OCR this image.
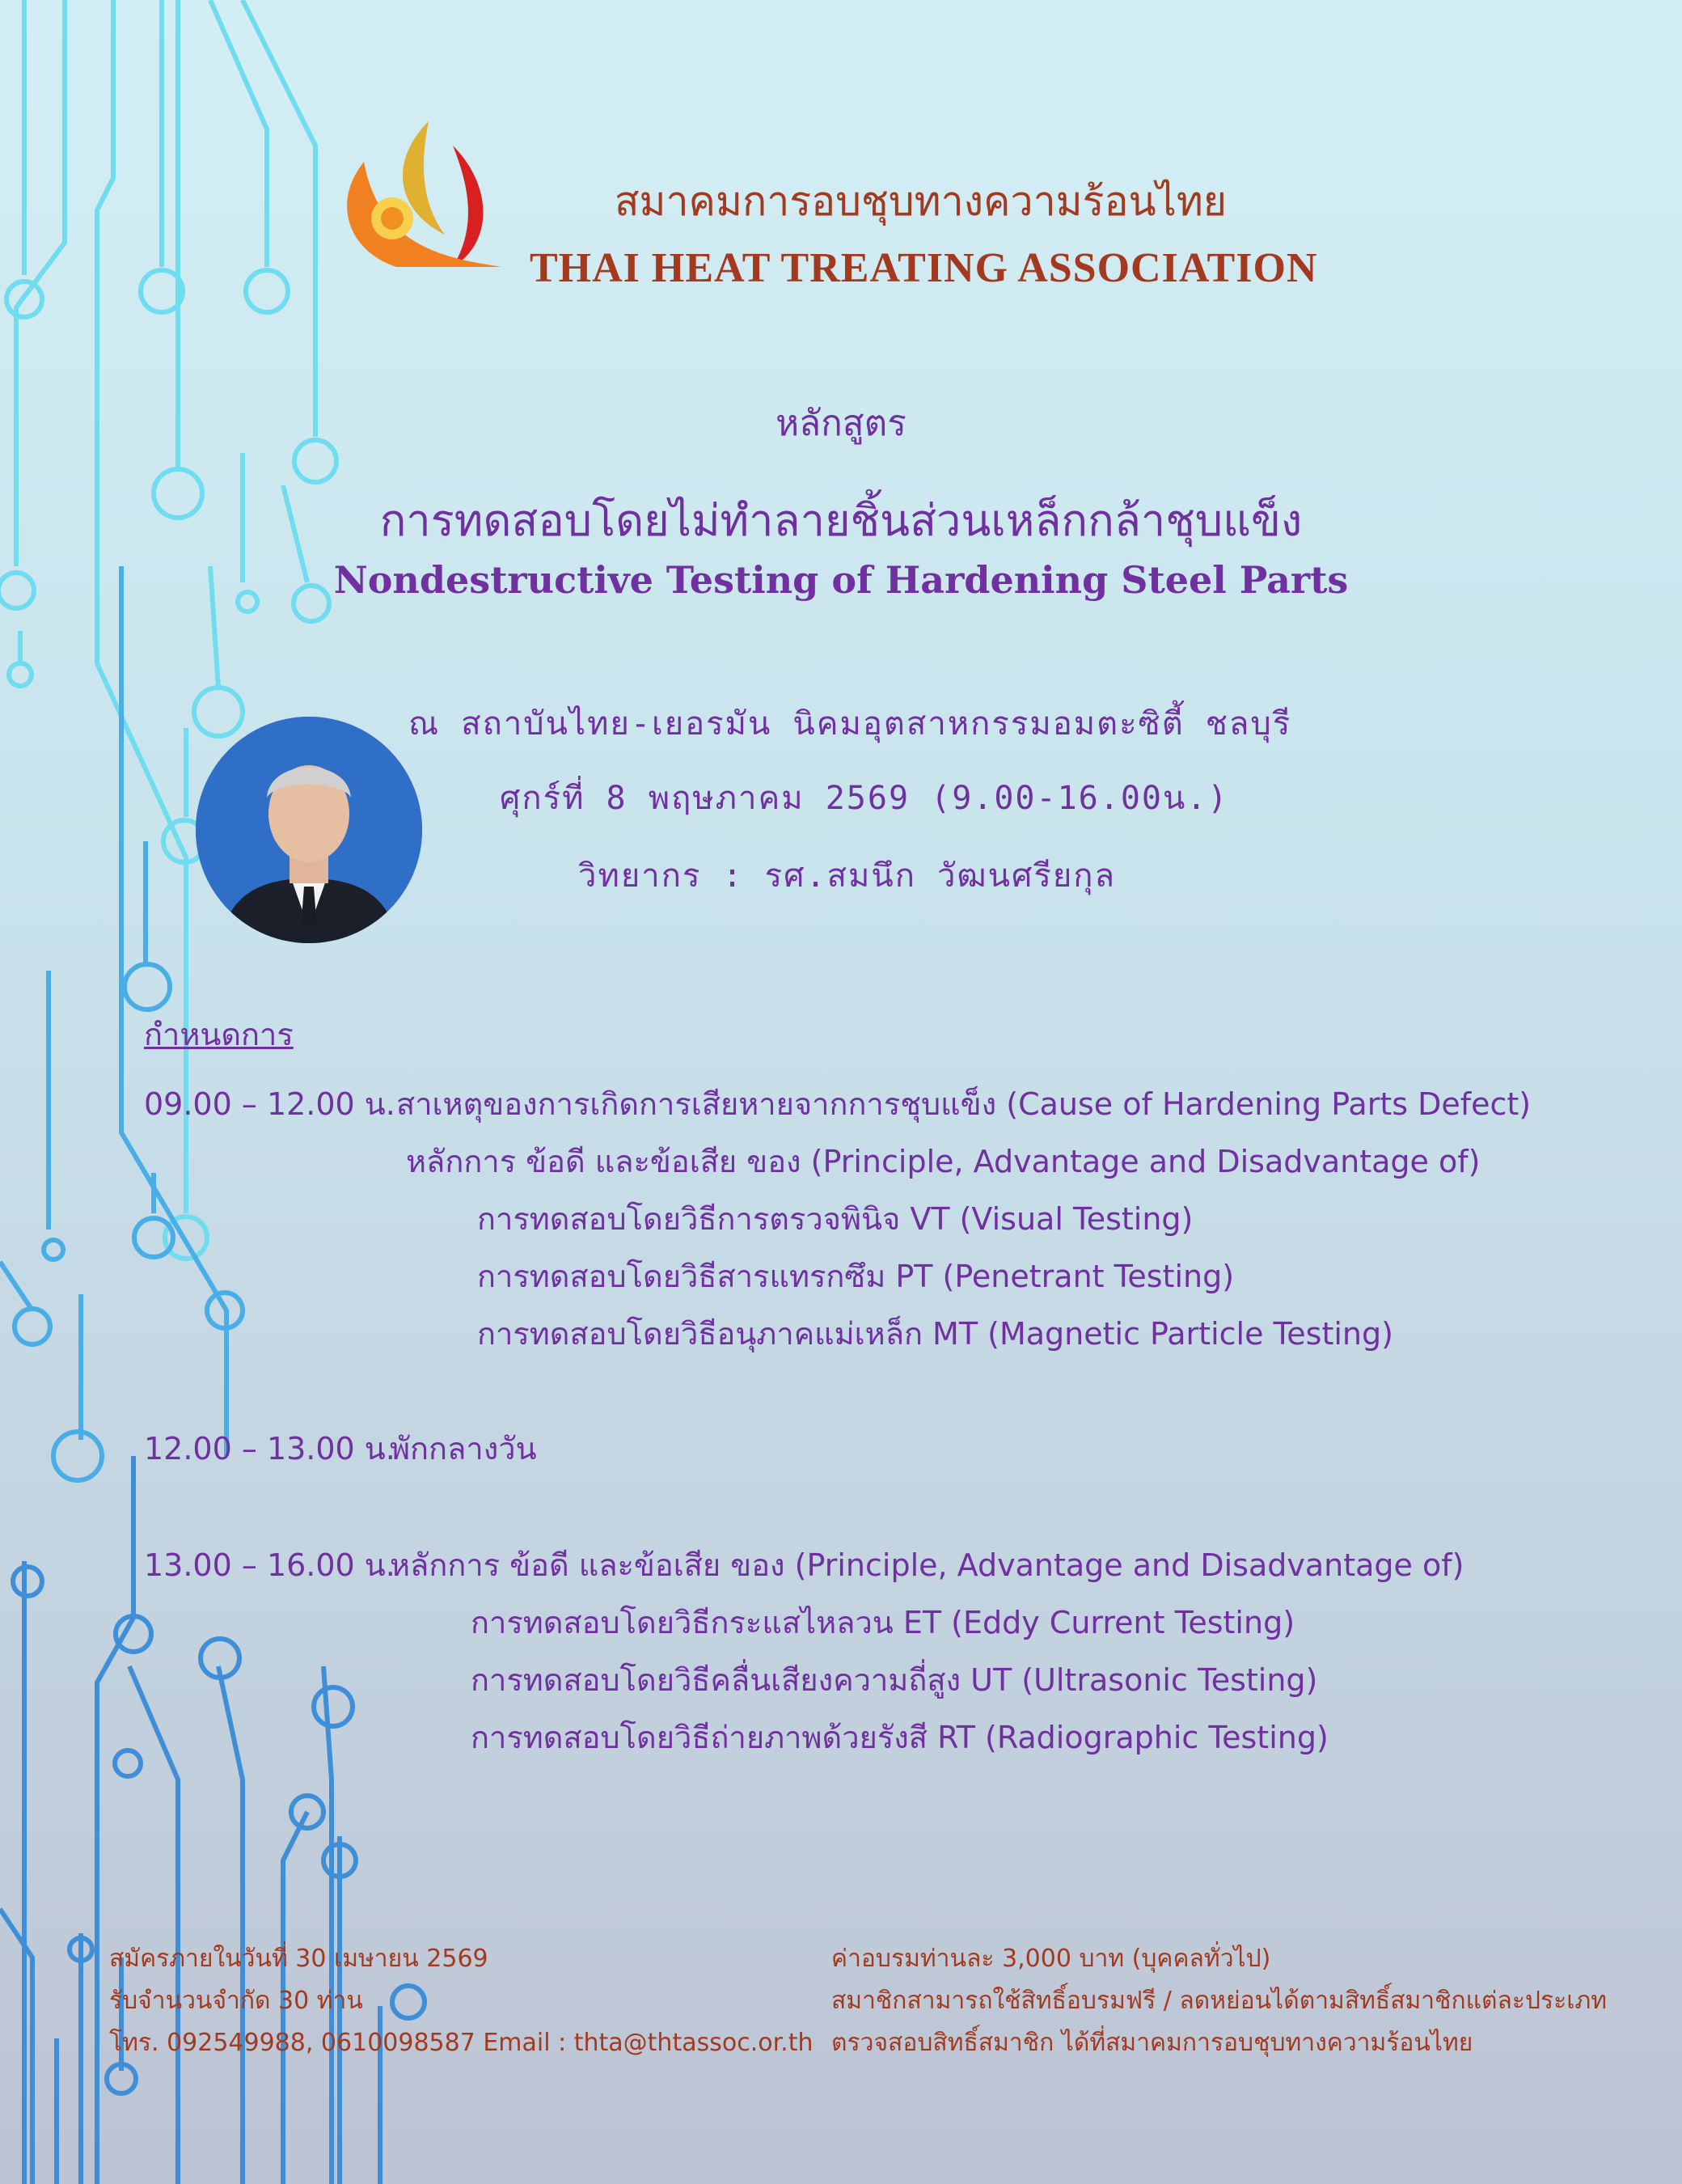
สมาคมการอบชุบทางความร้อนไทย
THAI HEAT TREATING ASSOCIATION
หลักสูตร
การทดสอบโดยไม่ทำลายชิ้นส่วนเหล็กกล้าชุบแข็ง
Nondestructive Testing of Hardening Steel Parts
ณ สถาบันไทย-เยอรมัน นิคมอุตสาหกรรมอมตะซิตี้ ชลบุรี
ศุกร์ที่ 8 พฤษภาคม 2569 (9.00-16.00น.)
วิทยากร : รศ.สมนึก วัฒนศรียกุล
กำหนดการ
09.00 – 12.00 น. สาเหตุของการเกิดการเสียหายจากการชุบแข็ง (Cause of Hardening Parts Defect)
หลักการ ข้อดี และข้อเสีย ของ (Principle, Advantage and Disadvantage of)
การทดสอบโดยวิธีการตรวจพินิจ VT (Visual Testing)
การทดสอบโดยวิธีสารแทรกซึม PT (Penetrant Testing)
การทดสอบโดยวิธีอนุภาคแม่เหล็ก MT (Magnetic Particle Testing)
12.00 – 13.00 น.
พักกลางวัน
13.00 – 16.00 น.
หลักการ ข้อดี และข้อเสีย ของ (Principle, Advantage and Disadvantage of)
การทดสอบโดยวิธีกระแสไหลวน ET (Eddy Current Testing)
การทดสอบโดยวิธีคลื่นเสียงความถี่สูง UT (Ultrasonic Testing)
การทดสอบโดยวิธีถ่ายภาพด้วยรังสี RT (Radiographic Testing)
สมัครภายในวันที่ 30 เมษายน 2569
รับจำนวนจำกัด 30 ท่าน
โทร. 092549988, 0610098587 Email : thta@thtassoc.or.th
ค่าอบรมท่านละ 3,000 บาท (บุคคลทั่วไป)
สมาชิกสามารถใช้สิทธิ์อบรมฟรี / ลดหย่อนได้ตามสิทธิ์สมาชิกแต่ละประเภท
ตรวจสอบสิทธิ์สมาชิก ได้ที่สมาคมการอบชุบทางความร้อนไทย
